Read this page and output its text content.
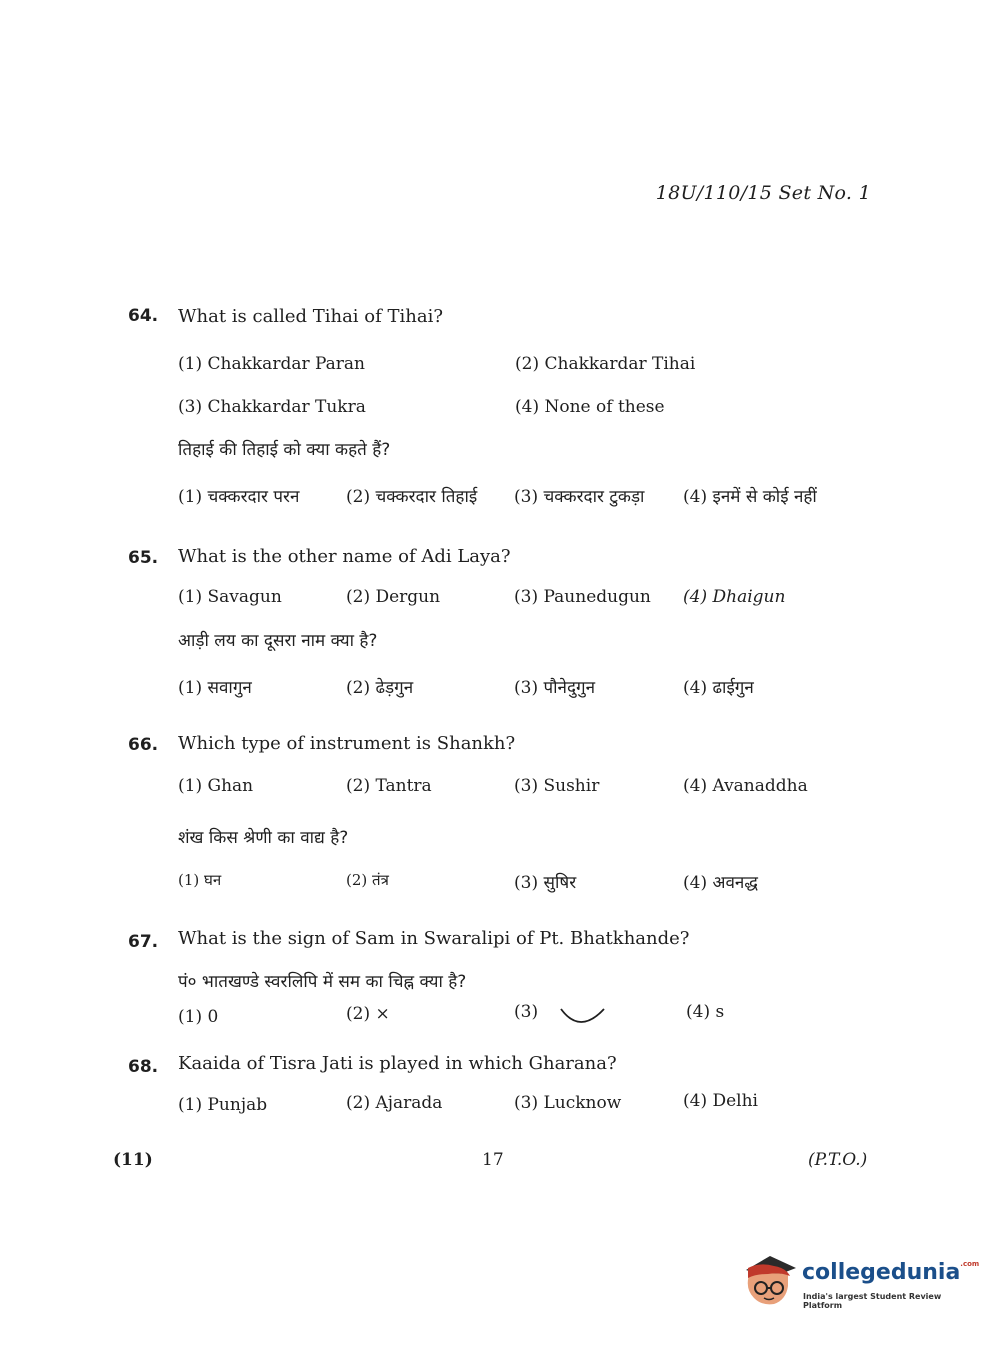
18U/110/15 Set No. 1
64. What is called Tihai of Tihai?
(1) Chakkardar Paran	(2) Chakkardar Tihai
(3) Chakkardar Tukra	(4) None of these
तिहाई की तिहाई को क्या कहते हैं?
(1) चक्करदार परन	(2) चक्करदार तिहाई (3) चक्करदार टुकड़ा (4) इनमें से कोई नहीं
65. What is the other name of Adi Laya?
(1) Savagun	(2) Dergun	(3) Paunedugun (4) Dhaigun
आड़ी लय का दूसरा नाम क्या है?
(1) सवागुन	(2) ढेड़गुन	(3) पौनेदुगुन	(4) ढाईगुन
66. Which type of instrument is Shankh?
(1) Ghan	(2) Tantra	(3) Sushir	(4) Avanaddha
शंख किस श्रेणी का वाद्य है?
(1) घन	(2) तंत्र	(3) सुषिर	(4) अवनद्ध
67. What is the sign of Sam in Swaralipi of Pt. Bhatkhande?
पं० भातखण्डे स्वरलिपि में सम का चिह्न क्या है?
(1) 0	(2) ×	(3)	(4) s
68. Kaaida of Tisra Jati is played in which Gharana?
(1) Punjab	(2) Ajarada	(3) Lucknow	(4) Delhi
(11)	17	(P.T.O.)
collegedunia$^{.com}$
India's largest Student Review Platform
